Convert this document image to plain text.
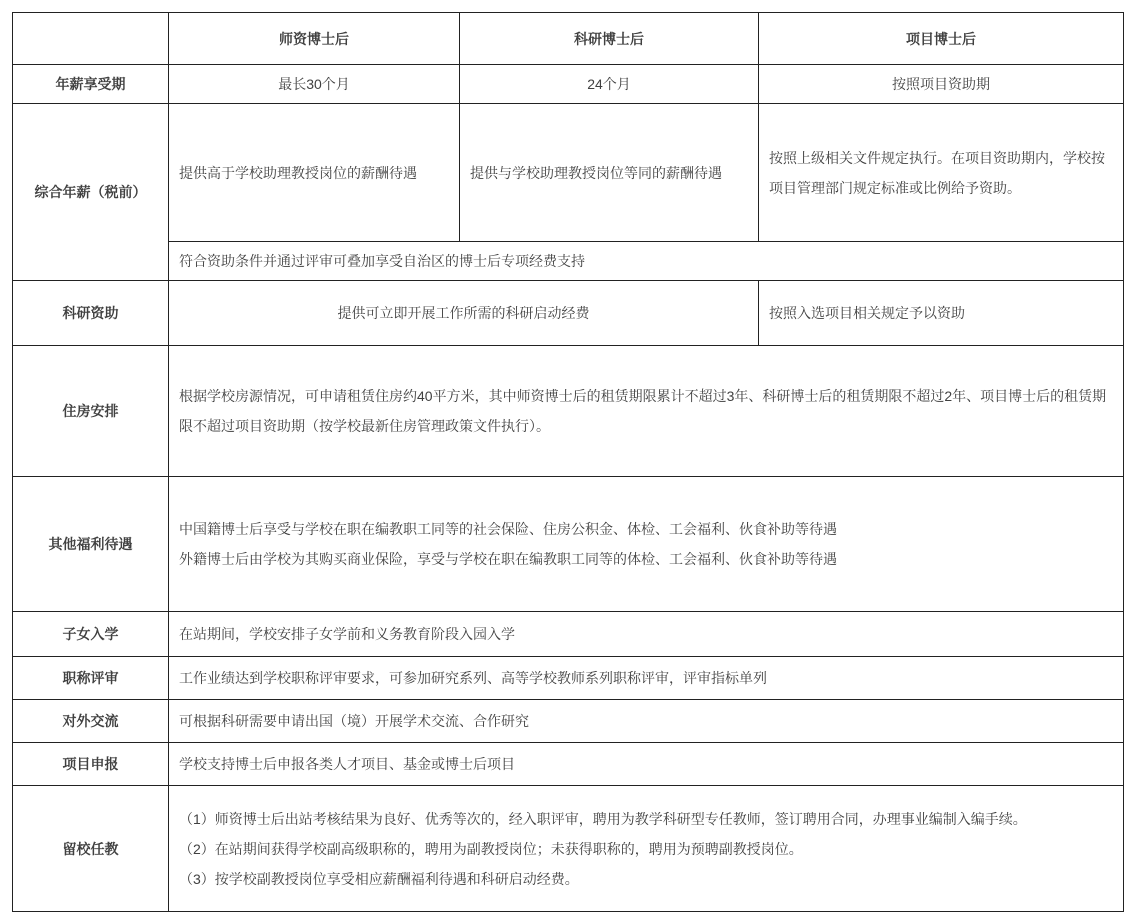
	师资博士后	科研博士后	项目博士后
年薪享受期	最长30个月	24个月	按照项目资助期
综合年薪（税前）	提供高于学校助理教授岗位的薪酬待遇	提供与学校助理教授岗位等同的薪酬待遇	按照上级相关文件规定执行。在项目资助期内，学校按项目管理部门规定标准或比例给予资助。
	符合资助条件并通过评审可叠加享受自治区的博士后专项经费支持		
科研资助	提供可立即开展工作所需的科研启动经费		按照入选项目相关规定予以资助
住房安排	根据学校房源情况，可申请租赁住房约40平方米，其中师资博士后的租赁期限累计不超过3年、科研博士后的租赁期限不超过2年、项目博士后的租赁期限不超过项目资助期（按学校最新住房管理政策文件执行）。		
其他福利待遇	中国籍博士后享受与学校在职在编教职工同等的社会保险、住房公积金、体检、工会福利、伙食补助等待遇
外籍博士后由学校为其购买商业保险，享受与学校在职在编教职工同等的体检、工会福利、伙食补助等待遇		

子女入学	在站期间，学校安排子女学前和义务教育阶段入园入学		
职称评审	工作业绩达到学校职称评审要求，可参加研究系列、高等学校教师系列职称评审，评审指标单列		
对外交流	可根据科研需要申请出国（境）开展学术交流、合作研究		
项目申报	学校支持博士后申报各类人才项目、基金或博士后项目		
留校任教	（1）师资博士后出站考核结果为良好、优秀等次的，经入职评审，聘用为教学科研型专任教师，签订聘用合同，办理事业编制入编手续。
（2）在站期间获得学校副高级职称的，聘用为副教授岗位；未获得职称的，聘用为预聘副教授岗位。
（3）按学校副教授岗位享受相应薪酬福利待遇和科研启动经费。		
